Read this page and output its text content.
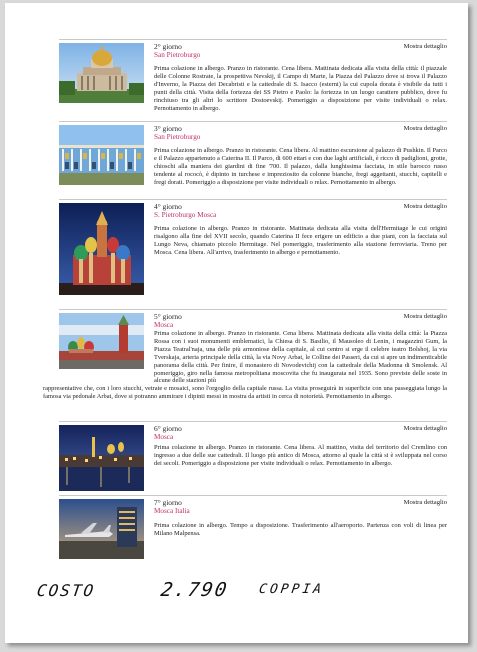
2° giorno
San Pietroburgo
Mostra dettaglio
Prima colazione in albergo. Pranzo in ristorante. Cena libera. Mattinata dedicata alla visita della città: il piazzale delle Colonne Rostrate, la prospettiva Nevskij, il Campo di Marte, la Piazza del Palazzo dove si trova il Palazzo d'Inverno, la Piazza dei Decabristi e la cattedrale di S. Isacco (esterni) la cui cupola dorata è visibile da tutti i punti della città. Visita della fortezza dei SS Pietro e Paolo: la fortezza in un luogo carattere pubblico, dove fu rinchiuso tra gli altri lo scrittore Dostoevskij. Pomeriggio a disposizione per visite individuali o relax. Pernottamento in albergo.
3° giorno
San Pietroburgo
Mostra dettaglio
Prima colazione in albergo. Pranzo in ristorante. Cena libera. Al mattino escursione al palazzo di Pushkin. Il Parco e il Palazzo appartenuto a Caterina II. Il Parco, di 600 ettari e con due laghi artificiali, è ricco di padiglioni, grotte, chioschi alla maniera dei giardini di fine '700. Il palazzo, dalla lunghissima facciata, in stile barocco russo tendente al rococò, è dipinto in turchese e impreziosito da colonne bianche, fregi aggettanti, stucchi, capitelli e fregi dorati. Pomeriggio a disposizione per visite individuali o relax. Pernottamento in albergo.
4° giorno
S. Pietroburgo Mosca
Mostra dettaglio
Prima colazione in albergo. Pranzo in ristorante. Mattinata dedicata alla visita dell'Hermitage le cui origini risalgono alla fine del XVII secolo, quando Caterina II fece erigere un edificio a due piani, con la facciata sul Lungo Neva, chiamato piccolo Hermitage. Nel pomeriggio, trasferimento alla stazione ferroviaria. Treno per Mosca. Cena libera. All'arrivo, trasferimento in albergo e pernottamento.
5° giorno
Mosca
Mostra dettaglio
Prima colazione in albergo. Pranzo in ristorante. Cena libera. Mattinata dedicata alla visita della città: la Piazza Rossa con i suoi monumenti emblematici, la Chiesa di S. Basilio, il Mausoleo di Lenin, i magazzini Gum, la Piazza Teatral'naja, una delle più armoniose della capitale, al cui centro si erge il celebre teatro Bolshoj, la via Tverskaja, arteria principale della città, la via Novy Arbat, le Colline dei Passeri, da cui si apre un indimenticabile panorama della città. Per finire, il monastero di Novodevichij con la cattedrale della Madonna di Smolensk. Al pomeriggio, giro nella famosa metropolitana moscovita che fu inaugurata nel 1935. Sono previste delle soste in alcune delle stazioni più
rappresentative che, con i loro stucchi, vetrate e mosaici, sono l'orgoglio della capitale russa. La visita proseguirà in superficie con una passeggiata lungo la famosa via pedonale Arbat, dove si potranno ammirare i dipinti messi in mostra da artisti in cerca di notorietà. Pernottamento in albergo.
6° giorno
Mosca
Mostra dettaglio
Prima colazione in albergo. Pranzo in ristorante. Cena libera. Al mattino, visita del territorio del Cremlino con ingresso a due delle sue cattedrali. Il luogo più antico di Mosca, attorno al quale la città si è sviluppata nel corso dei secoli. Pomeriggio a disposizione per visite individuali o relax. Pernottamento in albergo.
7° giorno
Mosca Italia
Mostra dettaglio
Prima colazione in albergo. Tempo a disposizione. Trasferimento all'aeroporto. Partenza con voli di linea per Milano Malpensa.
COSTO	2.790 COPPIA
